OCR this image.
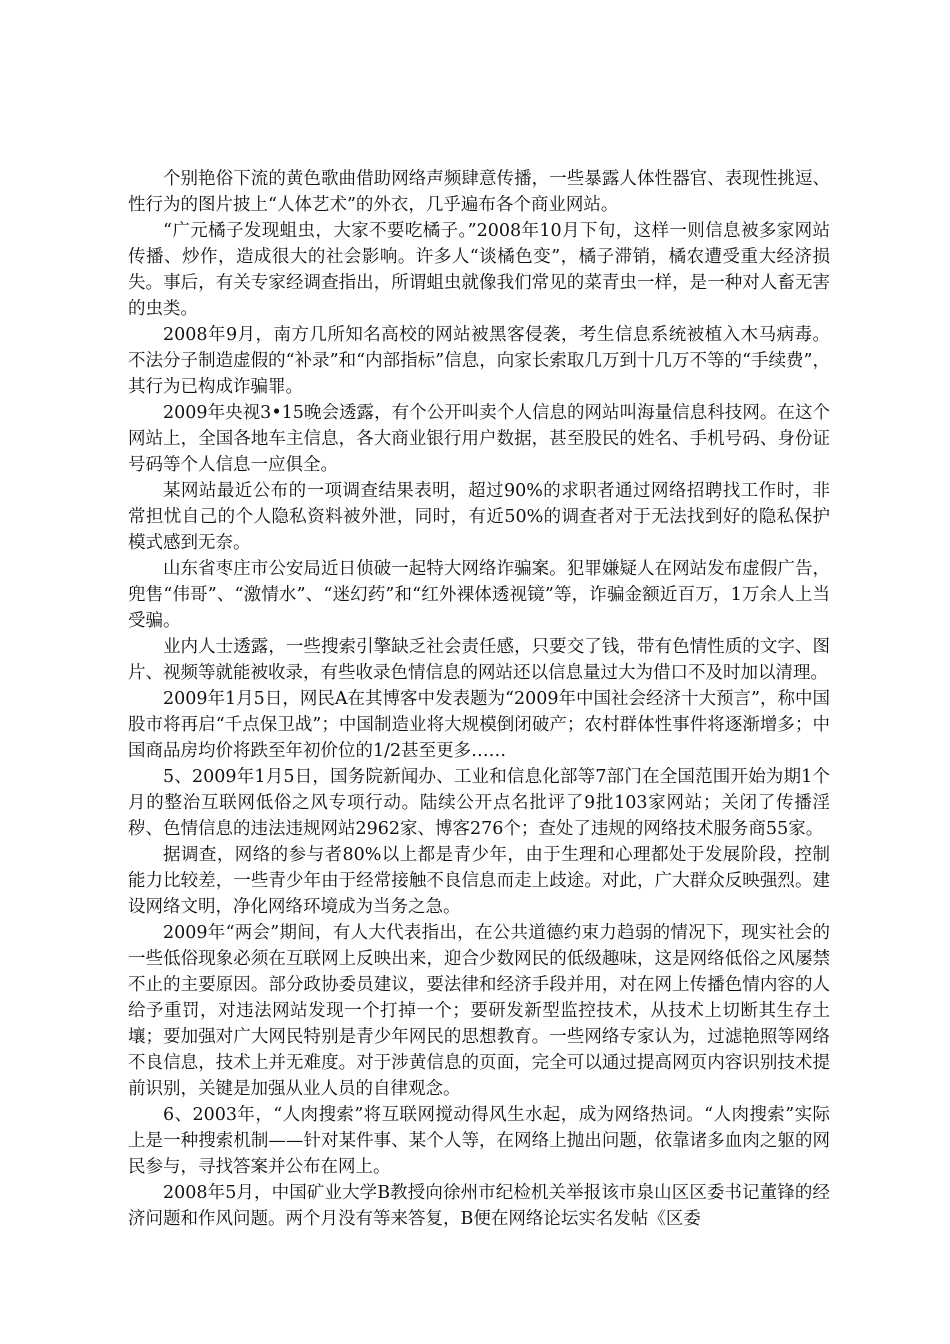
个别艳俗下流的黄色歌曲借助网络声频肆意传播，一些暴露人体性器官、表现性挑逗、性行为的图片披上“人体艺术”的外衣，几乎遍布各个商业网站。

“广元橘子发现蛆虫，大家不要吃橘子。”2008年10月下旬，这样一则信息被多家网站传播、炒作，造成很大的社会影响。许多人“谈橘色变”，橘子滞销，橘农遭受重大经济损失。事后，有关专家经调查指出，所谓蛆虫就像我们常见的菜青虫一样，是一种对人畜无害的虫类。

2008年9月，南方几所知名高校的网站被黑客侵袭，考生信息系统被植入木马病毒。不法分子制造虚假的“补录”和“内部指标”信息，向家长索取几万到十几万不等的“手续费”，其行为已构成诈骗罪。

2009年央视3•15晚会透露，有个公开叫卖个人信息的网站叫海量信息科技网。在这个网站上，全国各地车主信息，各大商业银行用户数据，甚至股民的姓名、手机号码、身份证号码等个人信息一应俱全。

某网站最近公布的一项调查结果表明，超过90%的求职者通过网络招聘找工作时，非常担忧自己的个人隐私资料被外泄，同时，有近50%的调查者对于无法找到好的隐私保护模式感到无奈。

山东省枣庄市公安局近日侦破一起特大网络诈骗案。犯罪嫌疑人在网站发布虚假广告，兜售“伟哥”、“激情水”、“迷幻药”和“红外裸体透视镜”等，诈骗金额近百万，1万余人上当受骗。

业内人士透露，一些搜索引擎缺乏社会责任感，只要交了钱，带有色情性质的文字、图片、视频等就能被收录，有些收录色情信息的网站还以信息量过大为借口不及时加以清理。

2009年1月5日，网民A在其博客中发表题为“2009年中国社会经济十大预言”，称中国股市将再启“千点保卫战”；中国制造业将大规模倒闭破产；农村群体性事件将逐渐增多；中国商品房均价将跌至年初价位的1/2甚至更多……

5、2009年1月5日，国务院新闻办、工业和信息化部等7部门在全国范围开始为期1个月的整治互联网低俗之风专项行动。陆续公开点名批评了9批103家网站；关闭了传播淫秽、色情信息的违法违规网站2962家、博客276个；查处了违规的网络技术服务商55家。

据调查，网络的参与者80%以上都是青少年，由于生理和心理都处于发展阶段，控制能力比较差，一些青少年由于经常接触不良信息而走上歧途。对此，广大群众反映强烈。建设网络文明，净化网络环境成为当务之急。

2009年“两会”期间，有人大代表指出，在公共道德约束力趋弱的情况下，现实社会的一些低俗现象必须在互联网上反映出来，迎合少数网民的低级趣味，这是网络低俗之风屡禁不止的主要原因。部分政协委员建议，要法律和经济手段并用，对在网上传播色情内容的人给予重罚，对违法网站发现一个打掉一个；要研发新型监控技术，从技术上切断其生存土壤；要加强对广大网民特别是青少年网民的思想教育。一些网络专家认为，过滤艳照等网络不良信息，技术上并无难度。对于涉黄信息的页面，完全可以通过提高网页内容识别技术提前识别，关键是加强从业人员的自律观念。

6、2003年，“人肉搜索”将互联网搅动得风生水起，成为网络热词。“人肉搜索”实际上是一种搜索机制——针对某件事、某个人等，在网络上抛出问题，依靠诸多血肉之躯的网民参与，寻找答案并公布在网上。

2008年5月，中国矿业大学B教授向徐州市纪检机关举报该市泉山区区委书记董锋的经济问题和作风问题。两个月没有等来答复，B便在网络论坛实名发帖《区委
